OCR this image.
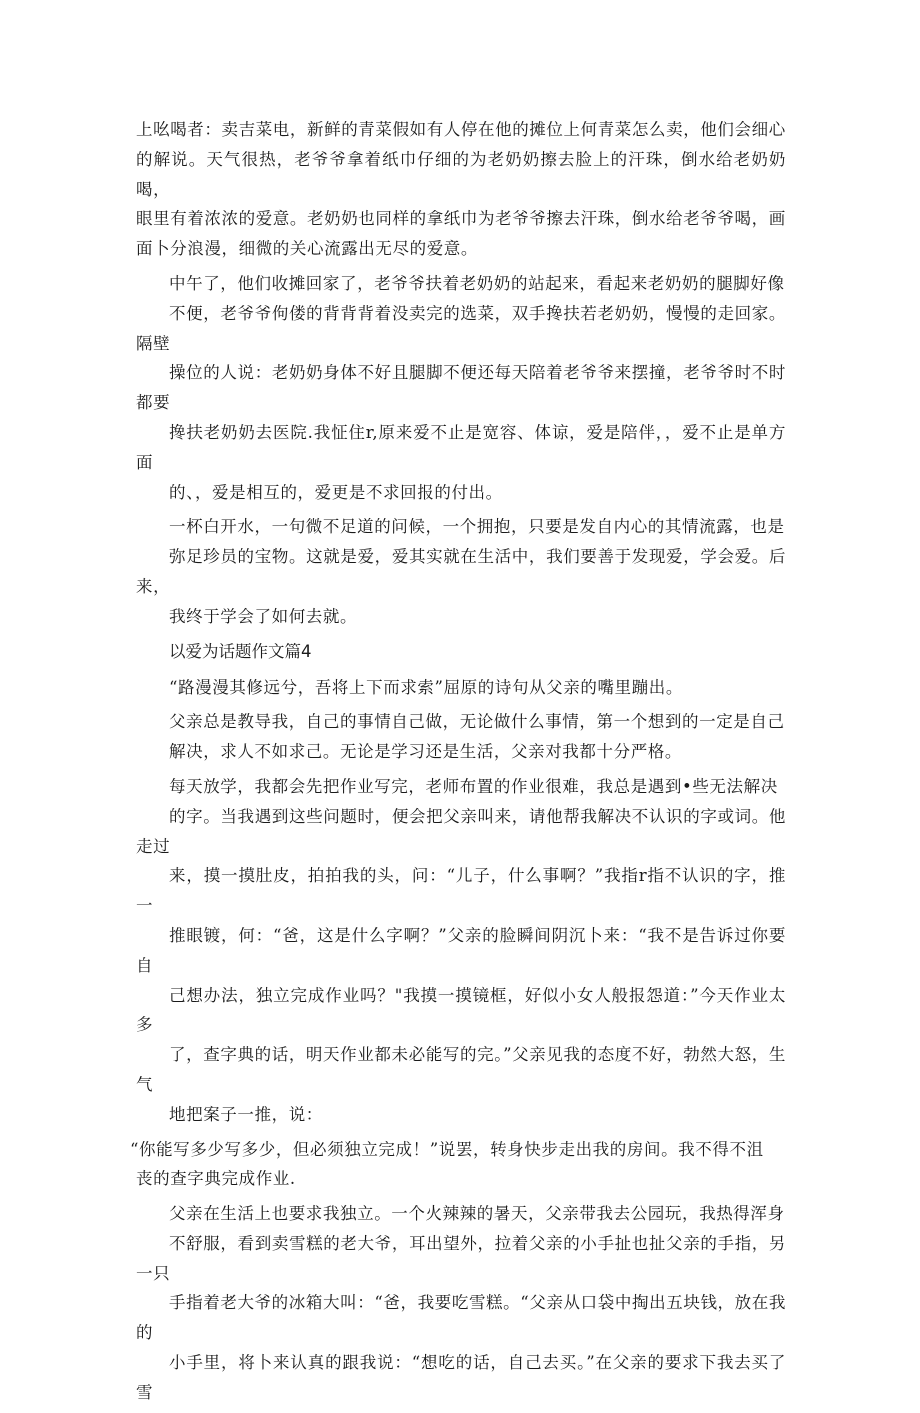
上吆喝者：卖吉菜电，新鲜的青菜假如有人停在他的摊位上何青菜怎么卖，他们会细心
的解说。天气很热，老爷爷拿着纸巾仔细的为老奶奶擦去脸上的汗珠，倒水给老奶奶喝，
眼里有着浓浓的爱意。老奶奶也同样的拿纸巾为老爷爷擦去汗珠，倒水给老爷爷喝，画
面卜分浪漫，细微的关心流露出无尽的爱意。

中午了，他们收摊回家了，老爷爷扶着老奶奶的站起来，看起来老奶奶的腿脚好像
不便，老爷爷佝偻的背背背着没卖完的选菜，双手搀扶若老奶奶，慢慢的走回家。隔壁
操位的人说：老奶奶身体不好且腿脚不便还每天陪着老爷爷来摆撞，老爷爷时不时都要
搀扶老奶奶去医院.我怔住r,原来爱不止是宽容、体谅，爱是陪伴，，爱不止是单方面
的、，爱是相互的，爱更是不求回报的付出。

一杯白开水，一句微不足道的问候，一个拥抱，只要是发自内心的其情流露，也是
弥足珍员的宝物。这就是爱，爱其实就在生活中，我们要善于发现爱，学会爱。后来，
我终于学会了如何去就。

以爱为话题作文篇4

“路漫漫其修远兮，吾将上下而求索”屈原的诗句从父亲的嘴里蹦出。

父亲总是教导我，自己的事情自己做，无论做什么事情，第一个想到的一定是自己
解决，求人不如求己。无论是学习还是生活，父亲对我都十分严格。

每天放学，我都会先把作业写完，老师布置的作业很难，我总是遇到•些无法解决
的字。当我遇到这些问题时，便会把父亲叫来，请他帮我解决不认识的字或词。他走过
来，摸一摸肚皮，拍拍我的头，问：“儿子，什么事啊？”我指r指不认识的字，推一
推眼镀，何：“爸，这是什么字啊？”父亲的脸瞬间阴沉卜来：“我不是告诉过你要自
己想办法，独立完成作业吗？"我摸一摸镜框，好似小女人般报怨道：”今天作业太多
了，查字典的话，明天作业都未必能写的完。”父亲见我的态度不好，勃然大怒，生气
地把案子一推，说：

“你能写多少写多少，但必须独立完成！”说罢，转身快步走出我的房间。我不得不沮
丧的查字典完成作业.

父亲在生活上也要求我独立。一个火辣辣的暑天，父亲带我去公园玩，我热得浑身
不舒服，看到卖雪糕的老大爷，耳出望外，拉着父亲的小手扯也扯父亲的手指，另一只
手指着老大爷的冰箱大叫：“爸，我要吃雪糕。“父亲从口袋中掏出五块钱，放在我的
小手里，将卜来认真的跟我说：“想吃的话，自己去买。”在父亲的要求下我去买了雪
